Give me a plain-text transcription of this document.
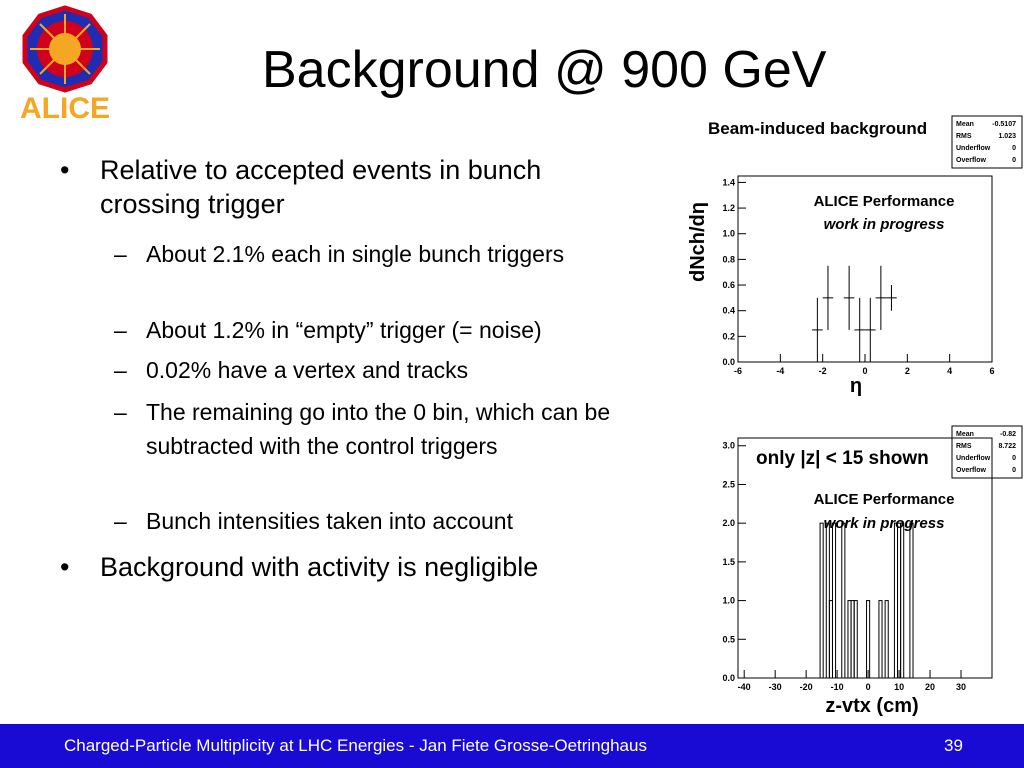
ALICE
Background @ 900 GeV
• Relative to accepted events in bunch crossing trigger
– About 2.1% each in single bunch triggers
– About 1.2% in “empty” trigger (= noise)
– 0.02% have a vertex and tracks
– The remaining go into the 0 bin, which can be subtracted with the control triggers
– Bunch intensities taken into account
• Background with activity is negligible
Mean	-0.5107
RMS	1.023
Underflow	0
Overflow	0
Beam-induced background
-6	-4	-2	0	2	4	6
0.0
0.2
0.4
0.6
0.8
1.0
1.2
1.4
ALICE Performance
work in progress
η
dNch/dη
Mean	-0.82
RMS	8.722
Underflow	0
Overflow	0
-40 -30 -20 -10 0	10 20 30
0.0
0.5
1.0
1.5
2.0
2.5
3.0
only |z| < 15 shown
ALICE Performance
work in progress
z-vtx (cm)
Charged-Particle Multiplicity at LHC Energies - Jan Fiete Grosse-Oetringhaus	39
